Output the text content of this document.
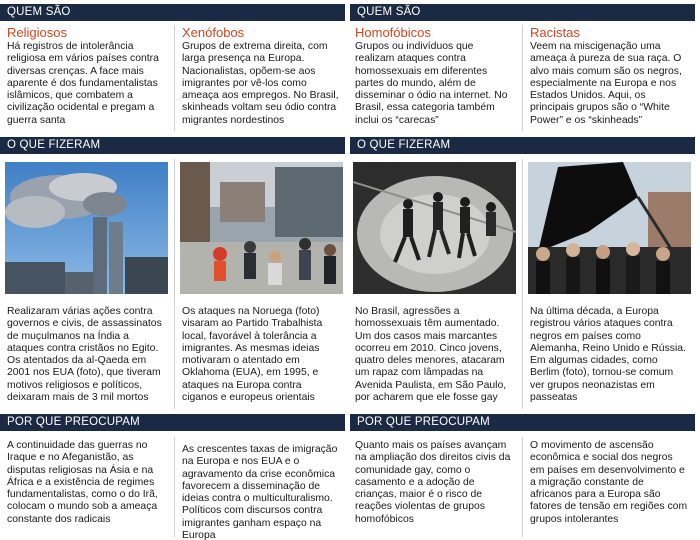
QUEM SÃO	QUEM SÃO
Religiosos
Há registros de intolerância religiosa em vários países contra diversas crenças. A face mais aparente é dos fundamentalistas islâmicos, que combatem a civilização ocidental e pregam a guerra santa
Xenófobos
Grupos de extrema direita, com larga presença na Europa. Nacionalistas, opõem-se aos imigrantes por vê-los como ameaça aos empregos. No Brasil, skinheads voltam seu ódio contra migrantes nordestinos
Homofóbicos
Grupos ou indivíduos que realizam ataques contra homossexuais em diferentes partes do mundo, além de disseminar o ódio na internet. No Brasil, essa categoria também inclui os “carecas”
Racistas
Veem na miscigenação uma ameaça à pureza de sua raça. O alvo mais comum são os negros, especialmente na Europa e nos Estados Unidos. Aqui, os principais grupos são o “White Power” e os “skinheads”
O QUE FIZERAM	O QUE FIZERAM
Realizaram várias ações contra governos e civis, de assassinatos de muçulmanos na Índia a ataques contra cristãos no Egito. Os atentados da al-Qaeda em 2001 nos EUA (foto), que tiveram motivos religiosos e políticos, deixaram mais de 3 mil mortos
Os ataques na Noruega (foto) visaram ao Partido Trabalhista local, favorável à tolerância a imigrantes. As mesmas ideias motivaram o atentado em Oklahoma (EUA), em 1995, e ataques na Europa contra ciganos e europeus orientais
No Brasil, agressões a homossexuais têm aumentado. Um dos casos mais marcantes ocorreu em 2010. Cinco jovens, quatro deles menores, atacaram um rapaz com lâmpadas na Avenida Paulista, em São Paulo, por acharem que ele fosse gay
Na última década, a Europa registrou vários ataques contra negros em países como Alemanha, Reino Unido e Rússia. Em algumas cidades, como Berlim (foto), tornou-se comum ver grupos neonazistas em passeatas
POR QUE PREOCUPAM	POR QUE PREOCUPAM
A continuidade das guerras no Iraque e no Afeganistão, as disputas religiosas na Ásia e na África e a existência de regimes fundamentalistas, como o do Irã, colocam o mundo sob a ameaça constante dos radicais
As crescentes taxas de imigração na Europa e nos EUA e o agravamento da crise econômica favorecem a disseminação de ideias contra o multiculturalismo. Políticos com discursos contra imigrantes ganham espaço na Europa
Quanto mais os países avançam na ampliação dos direitos civis da comunidade gay, como o casamento e a adoção de crianças, maior é o risco de reações violentas de grupos homofóbicos
O movimento de ascensão econômica e social dos negros em países em desenvolvimento e a migração constante de africanos para a Europa são fatores de tensão em regiões com grupos intolerantes
